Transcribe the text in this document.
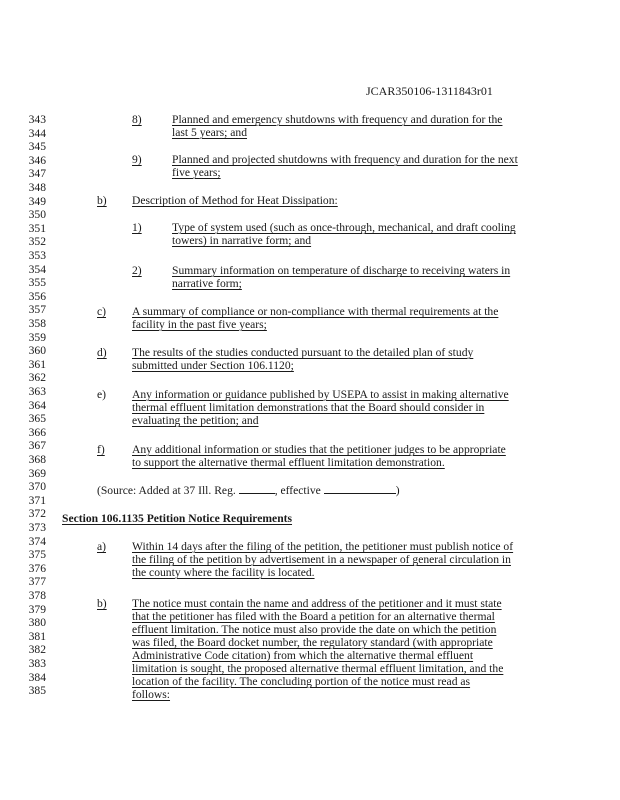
JCAR350106-1311843r01
343
344
345
346
347
348
349
350
351
352
353
354
355
356
357
358
359
360
361
362
363
364
365
366
367
368
369
370
371
372
373
374
375
376
377
378
379
380
381
382
383
384
385
8)	Planned and emergency shutdowns with frequency and duration for the
last 5 years; and
9)	Planned and projected shutdowns with frequency and duration for the next
five years;
b) Description of Method for Heat Dissipation:
1)	Type of system used (such as once-through, mechanical, and draft cooling
towers) in narrative form; and
2)	Summary information on temperature of discharge to receiving waters in
narrative form;
c) A summary of compliance or non-compliance with thermal requirements at the
facility in the past five years;
d) The results of the studies conducted pursuant to the detailed plan of study
submitted under Section 106.1120;
e) Any information or guidance published by USEPA to assist in making alternative
thermal effluent limitation demonstrations that the Board should consider in
evaluating the petition; and
f) Any additional information or studies that the petitioner judges to be appropriate
to support the alternative thermal effluent limitation demonstration.
(Source: Added at 37 Ill. Reg.	, effective	)
Section 106.1135 Petition Notice Requirements
a) Within 14 days after the filing of the petition, the petitioner must publish notice of
the filing of the petition by advertisement in a newspaper of general circulation in
the county where the facility is located.
b) The notice must contain the name and address of the petitioner and it must state
that the petitioner has filed with the Board a petition for an alternative thermal
effluent limitation. The notice must also provide the date on which the petition
was filed, the Board docket number, the regulatory standard (with appropriate
Administrative Code citation) from which the alternative thermal effluent
limitation is sought, the proposed alternative thermal effluent limitation, and the
location of the facility. The concluding portion of the notice must read as
follows:
